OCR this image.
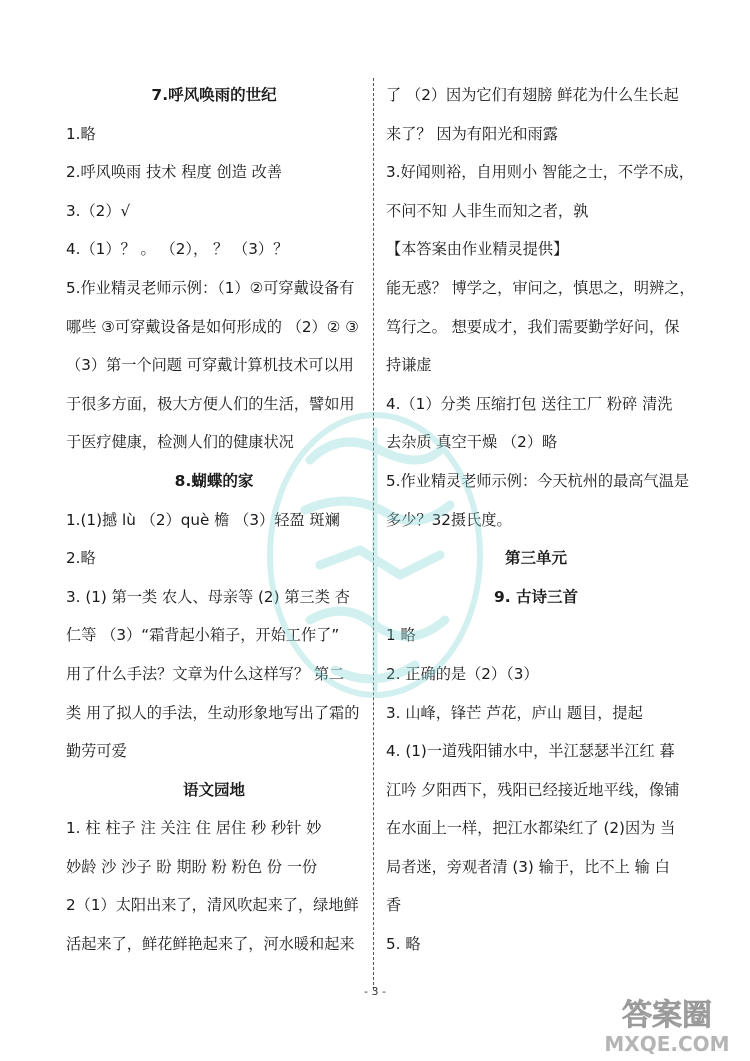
7.呼风唤雨的世纪
1.略
2.呼风唤雨 技术 程度 创造 改善
3.（2）√
4.（1）？ 。 （2）， ？ （3）？
5.作业精灵老师示例：（1）②可穿戴设备有
哪些 ③可穿戴设备是如何形成的 （2）② ③
（3）第一个问题 可穿戴计算机技术可以用
于很多方面，极大方便人们的生活，譬如用
于医疗健康，检测人们的健康状况
8.蝴蝶的家
1.(1)撼 lù （2）què 檐 （3）轻盈 斑斓
2.略
3. (1) 第一类 农人、母亲等 (2) 第三类 杏
仁等 （3）“霜背起小箱子，开始工作了”
用了什么手法？文章为什么这样写？ 第二
类 用了拟人的手法，生动形象地写出了霜的
勤劳可爱
语文园地
1. 柱 柱子 注 关注 住 居住 秒 秒针 妙
妙龄 沙 沙子 盼 期盼 粉 粉色 份 一份
2（1）太阳出来了，清风吹起来了，绿地鲜
活起来了，鲜花鲜艳起来了，河水暖和起来
了 （2）因为它们有翅膀 鲜花为什么生长起
来了？ 因为有阳光和雨露
3.好闻则裕，自用则小 智能之士，不学不成，
不问不知 人非生而知之者，孰
【本答案由作业精灵提供】
能无惑？ 博学之，审问之，慎思之，明辨之，
笃行之。 想要成才，我们需要勤学好问，保
持谦虚
4.（1）分类 压缩打包 送往工厂 粉碎 清洗
去杂质 真空干燥 （2）略
5.作业精灵老师示例：今天杭州的最高气温是
多少？32摄氏度。
第三单元
9. 古诗三首
1 略
2. 正确的是（2）（3）
3. 山峰，锋芒 芦花，庐山 题目，提起
4. (1)一道残阳铺水中，半江瑟瑟半江红 暮
江吟 夕阳西下，残阳已经接近地平线，像铺
在水面上一样，把江水都染红了 (2)因为 当
局者迷，旁观者清 (3) 输于，比不上 输 白
香
5. 略
- 3 -
答案圈
MXQE.COM
